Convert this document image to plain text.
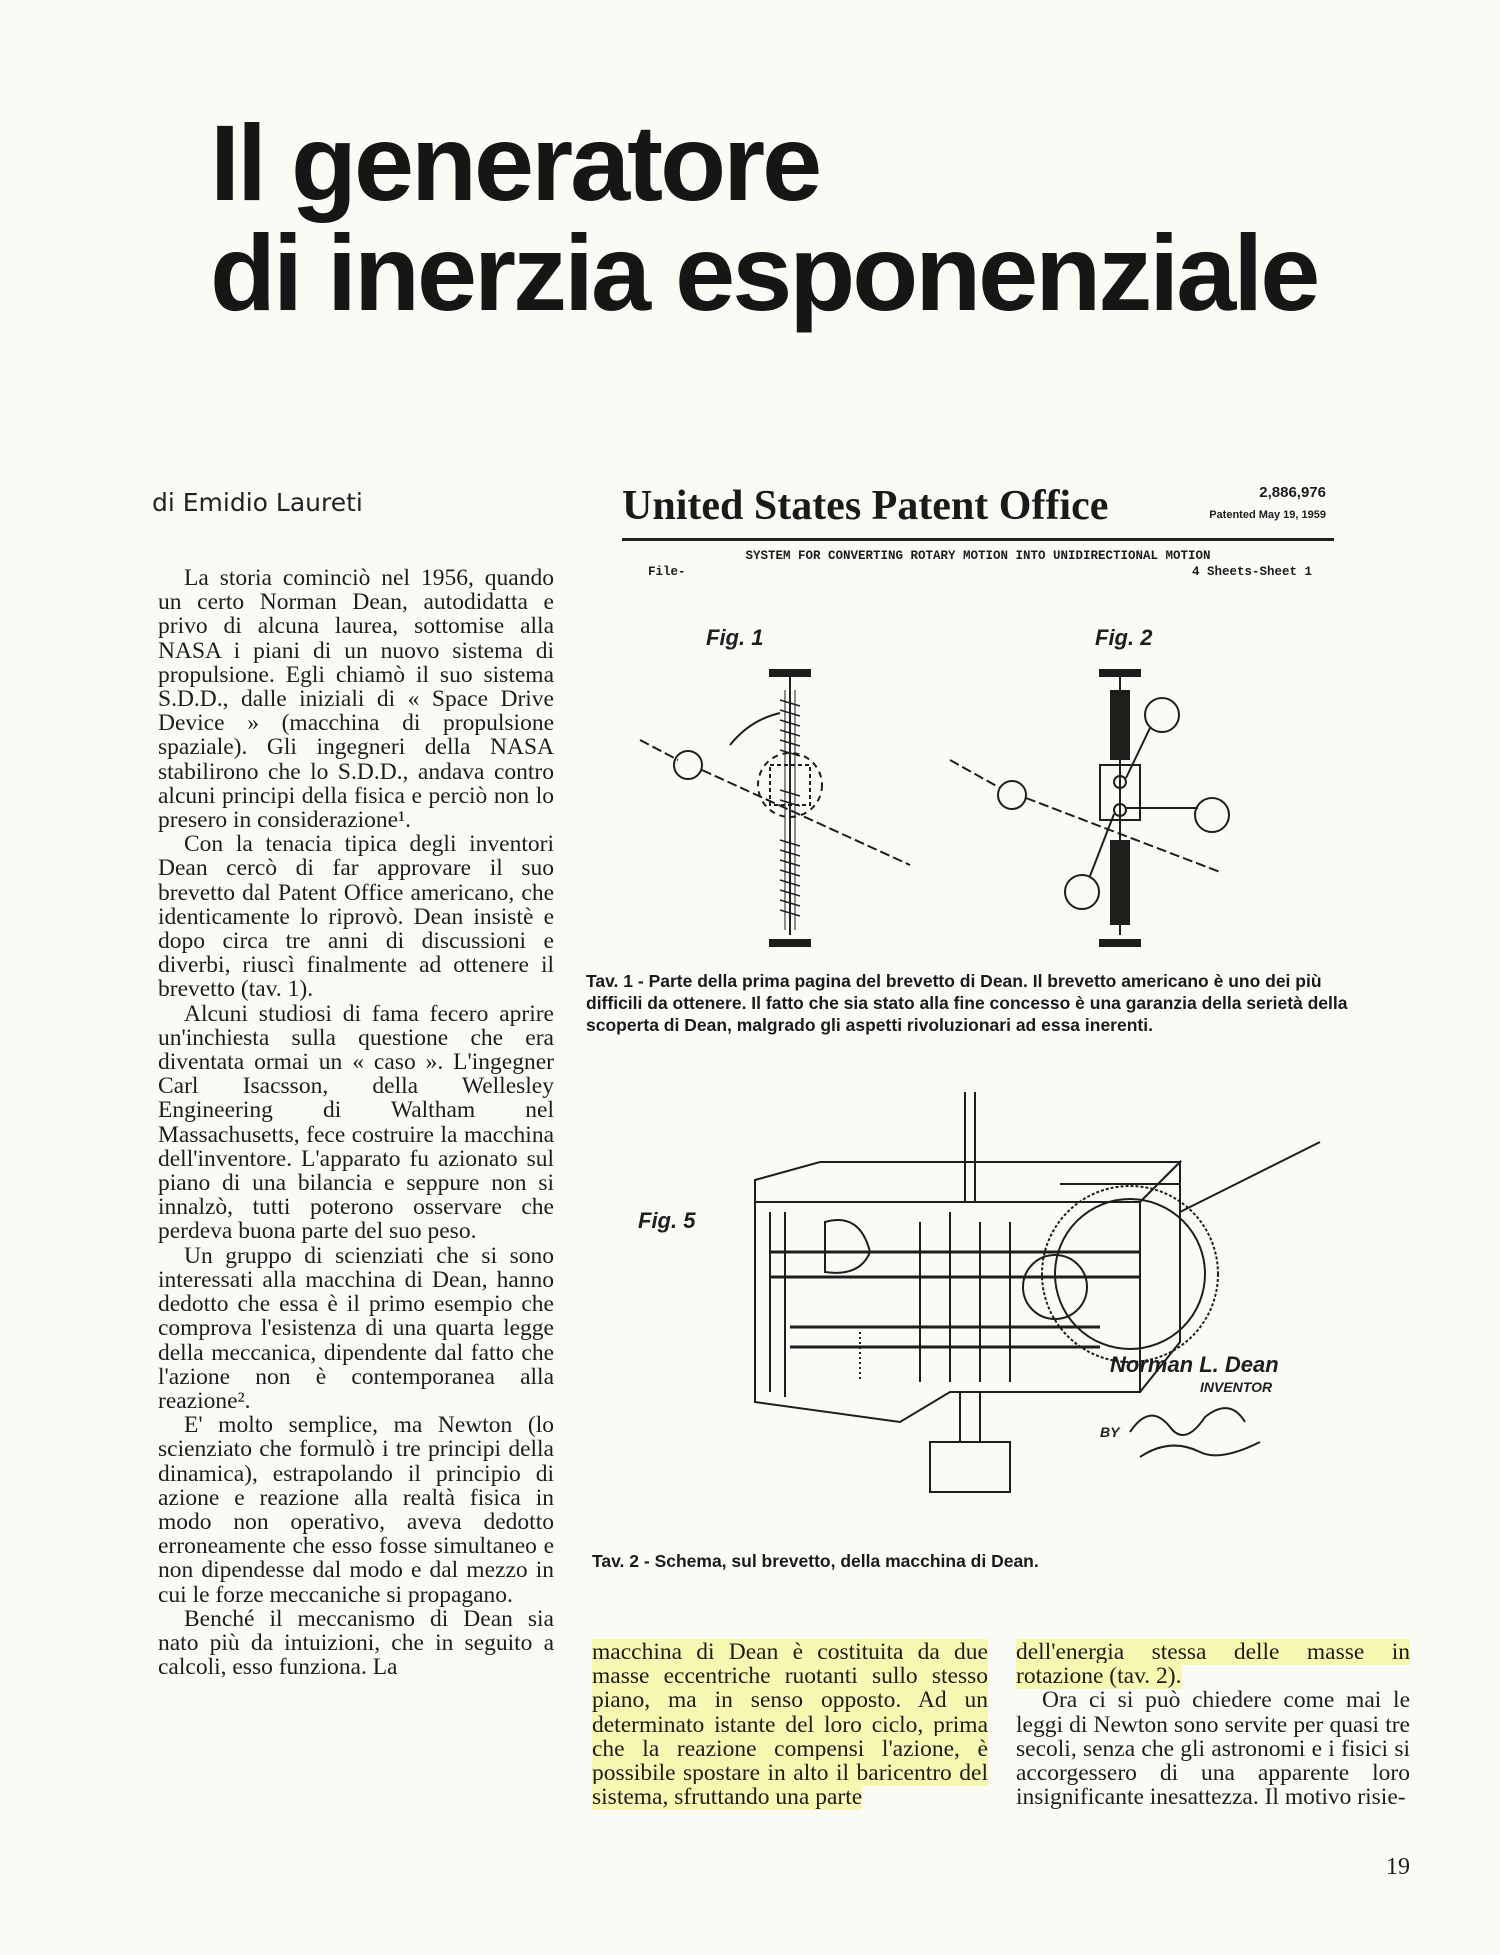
Il generatore
di inerzia esponenziale
di Emidio Laureti

La storia cominciò nel 1956, quando un certo Norman Dean, autodidatta e privo di alcuna laurea, sottomise alla NASA i piani di un nuovo sistema di propulsione. Egli chiamò il suo sistema S.D.D., dalle iniziali di « Space Drive Device » (macchina di propulsione spaziale). Gli ingegneri della NASA stabilirono che lo S.D.D., andava contro alcuni principi della fisica e perciò non lo presero in considerazione¹.

Con la tenacia tipica degli inventori Dean cercò di far approvare il suo brevetto dal Patent Office americano, che identicamente lo riprovò. Dean insistè e dopo circa tre anni di discussioni e diverbi, riuscì finalmente ad ottenere il brevetto (tav. 1).

Alcuni studiosi di fama fecero aprire un'inchiesta sulla questione che era diventata ormai un « caso ». L'ingegner Carl Isacsson, della Wellesley Engineering di Waltham nel Massachusetts, fece costruire la macchina dell'inventore. L'apparato fu azionato sul piano di una bilancia e seppure non si innalzò, tutti poterono osservare che perdeva buona parte del suo peso.

Un gruppo di scienziati che si sono interessati alla macchina di Dean, hanno dedotto che essa è il primo esempio che comprova l'esistenza di una quarta legge della meccanica, dipendente dal fatto che l'azione non è contemporanea alla reazione².

E' molto semplice, ma Newton (lo scienziato che formulò i tre principi della dinamica), estrapolando il principio di azione e reazione alla realtà fisica in modo non operativo, aveva dedotto erroneamente che esso fosse simultaneo e non dipendesse dal modo e dal mezzo in cui le forze meccaniche si propagano.

Benché il meccanismo di Dean sia nato più da intuizioni, che in seguito a calcoli, esso funziona. La

United States Patent Office	2,886,976
Patented May 19, 1959
SYSTEM FOR CONVERTING ROTARY MOTION INTO UNIDIRECTIONAL MOTION
File-	4 Sheets-Sheet 1
Fig. 1	Fig. 2
Tav. 1 - Parte della prima pagina del brevetto di Dean. Il brevetto americano è uno dei più difficili da ottenere. Il fatto che sia stato alla fine concesso è una garanzia della serietà della scoperta di Dean, malgrado gli aspetti rivoluzionari ad essa inerenti.
Fig. 5
Norman L. Dean
INVENTOR
BY
Tav. 2 - Schema, sul brevetto, della macchina di Dean.

macchina di Dean è costituita da due masse eccentriche ruotanti sullo stesso piano, ma in senso opposto. Ad un determinato istante del loro ciclo, prima che la reazione compensi l'azione, è possibile spostare in alto il baricentro del sistema, sfruttando una parte

dell'energia stessa delle masse in rotazione (tav. 2).

Ora ci si può chiedere come mai le leggi di Newton sono servite per quasi tre secoli, senza che gli astronomi e i fisici si accorgessero di una apparente loro insignificante inesattezza. Il motivo risie-

19
